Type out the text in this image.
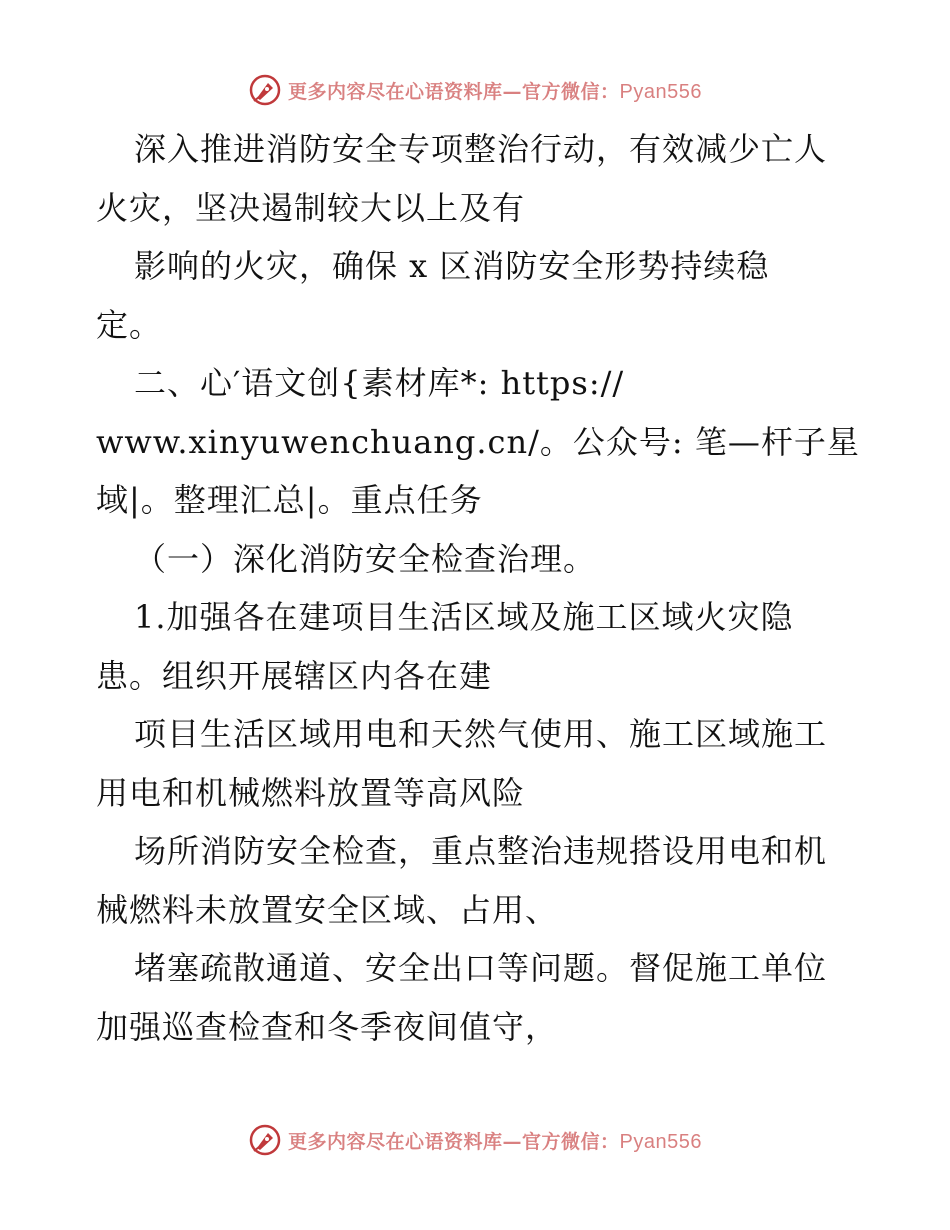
更多内容尽在心语资料库—官方微信：Pyan556
深入推进消防安全专项整治行动，有效减少亡人
火灾，坚决遏制较大以上及有
影响的火灾，确保 x 区消防安全形势持续稳
定。
二、心′语文创{素材库*: https://
www.xinyuwenchuang.cn/。公众号: 笔—杆子星
域|。整理汇总|。重点任务
（一）深化消防安全检查治理。
1.加强各在建项目生活区域及施工区域火灾隐
患。组织开展辖区内各在建
项目生活区域用电和天然气使用、施工区域施工
用电和机械燃料放置等高风险
场所消防安全检查，重点整治违规搭设用电和机
械燃料未放置安全区域、占用、
堵塞疏散通道、安全出口等问题。督促施工单位
加强巡查检查和冬季夜间值守，
更多内容尽在心语资料库—官方微信：Pyan556
